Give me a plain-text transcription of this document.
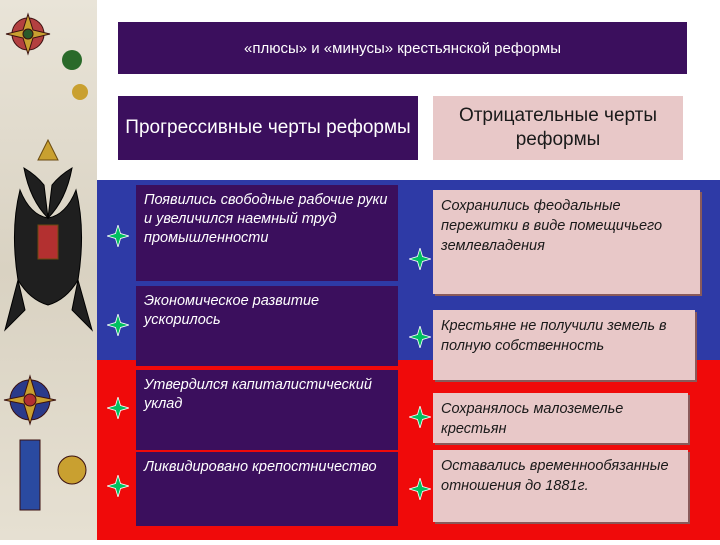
«плюсы» и «минусы» крестьянской реформы
Прогрессивные черты реформы
Отрицательные черты реформы
Появились свободные рабочие руки и увеличился наемный труд промышленности
Экономическое развитие ускорилось
Утвердился капиталистический уклад
Ликвидировано крепостничество
Сохранились феодальные пережитки в виде помещичьего землевладения
Крестьяне не получили земель в полную собственность
Сохранялось малоземелье крестьян
Оставались временнообязанные отношения до 1881г.
